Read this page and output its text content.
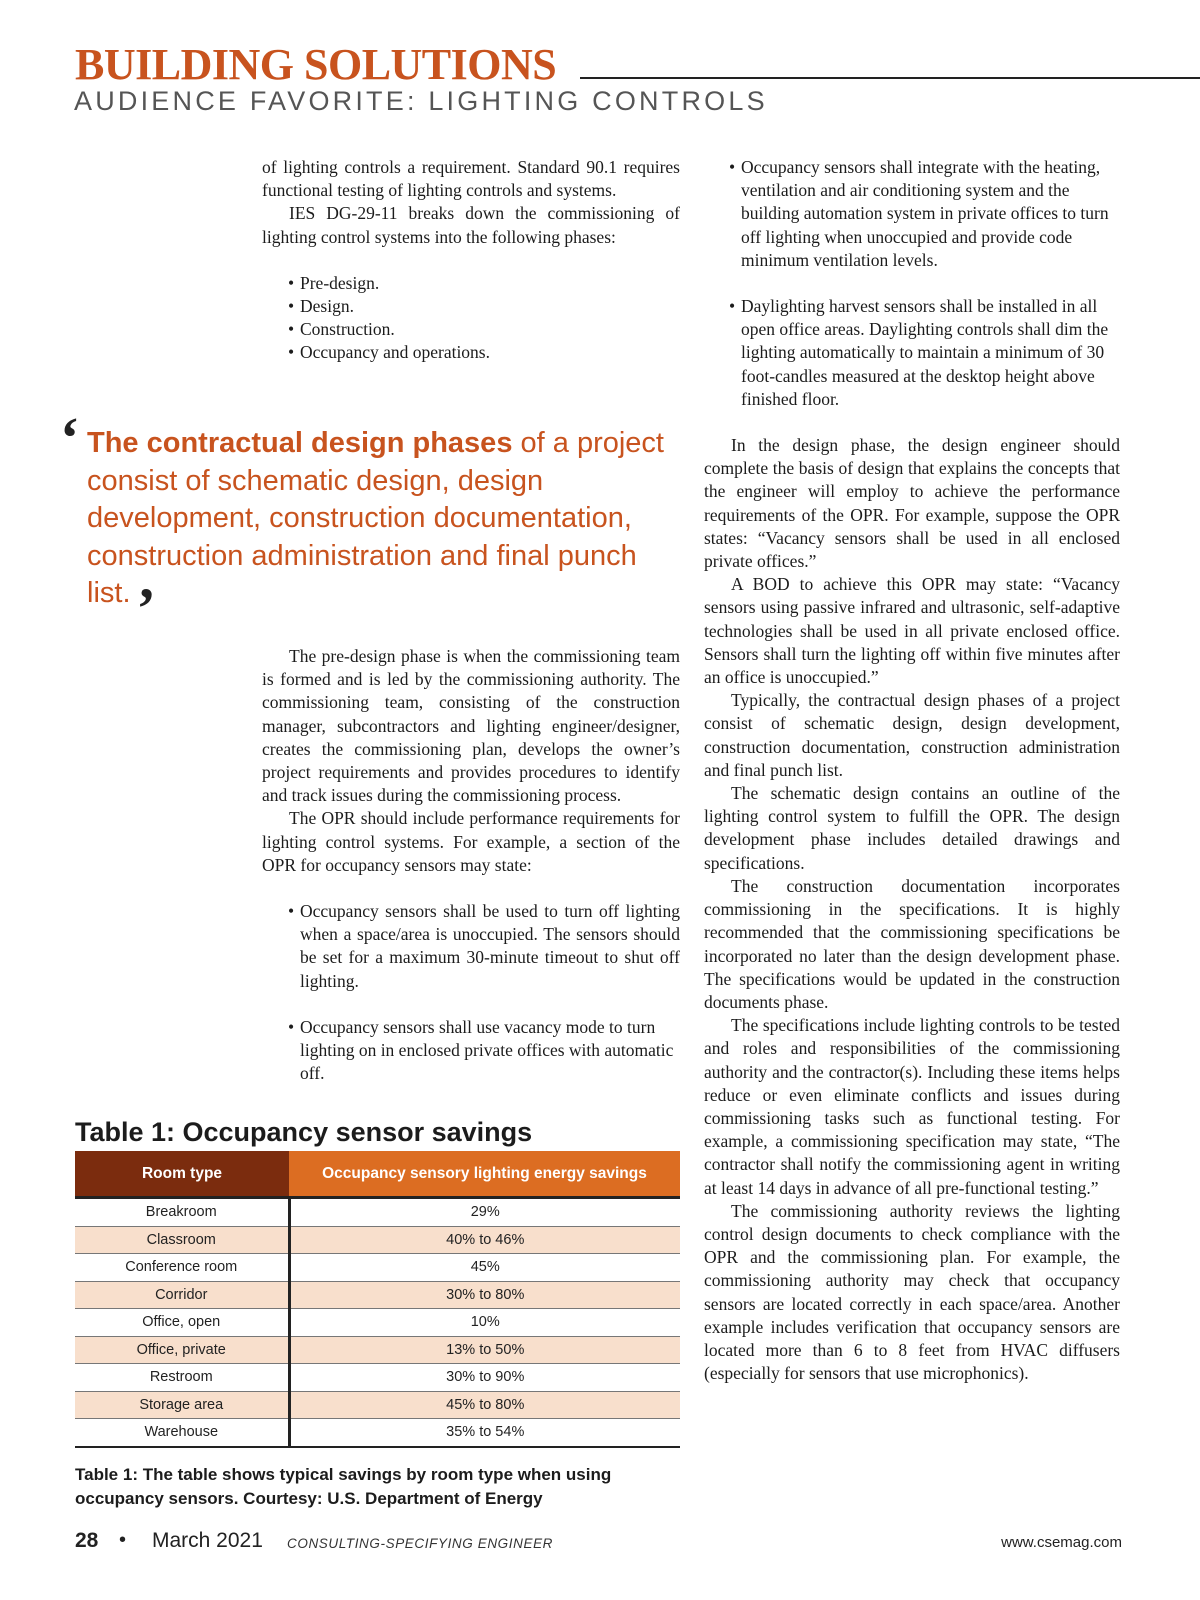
BUILDING SOLUTIONS
AUDIENCE FAVORITE: LIGHTING CONTROLS

of lighting controls a requirement. Standard 90.1 requires functional testing of lighting controls and systems.

IES DG-29-11 breaks down the commissioning of lighting control systems into the following phases:

• Pre-design.
• Design.
• Construction.
• Occupancy and operations.
‘ The contractual design phases of a project consist of schematic design, design development, construction documentation, construction administration and final punch list. ’

The pre-design phase is when the commissioning team is formed and is led by the commissioning authority. The commissioning team, consisting of the construction manager, subcontractors and lighting engineer/designer, creates the commissioning plan, develops the owner’s project requirements and provides procedures to identify and track issues during the commissioning process.

The OPR should include performance requirements for lighting control systems. For example, a section of the OPR for occupancy sensors may state:

• Occupancy sensors shall be used to turn off lighting when a space/area is unoccupied. The sensors should be set for a maximum 30-minute timeout to shut off lighting.
• Occupancy sensors shall use vacancy mode to turn lighting on in enclosed private offices with automatic off.
Table 1: Occupancy sensor savings
Room type	Occupancy sensory lighting energy savings
Breakroom	29%
Classroom	40% to 46%
Conference room	45%
Corridor	30% to 80%
Office, open	10%
Office, private	13% to 50%
Restroom	30% to 90%
Storage area	45% to 80%
Warehouse	35% to 54%
Table 1: The table shows typical savings by room type when using occupancy sensors. Courtesy: U.S. Department of Energy
• Occupancy sensors shall integrate with the heating, ventilation and air conditioning system and the building automation system in private offices to turn off lighting when unoccupied and provide code minimum ventilation levels.
• Daylighting harvest sensors shall be installed in all open office areas. Daylighting controls shall dim the lighting automatically to maintain a minimum of 30 foot-candles measured at the desktop height above finished floor.

In the design phase, the design engineer should complete the basis of design that explains the concepts that the engineer will employ to achieve the performance requirements of the OPR. For example, suppose the OPR states: “Vacancy sensors shall be used in all enclosed private offices.”

A BOD to achieve this OPR may state: “Vacancy sensors using passive infrared and ultrasonic, self-adaptive technologies shall be used in all private enclosed office. Sensors shall turn the lighting off within five minutes after an office is unoccupied.”

Typically, the contractual design phases of a project consist of schematic design, design development, construction documentation, construction administration and final punch list.

The schematic design contains an outline of the lighting control system to fulfill the OPR. The design development phase includes detailed drawings and specifications.

The construction documentation incorporates commissioning in the specifications. It is highly recommended that the commissioning specifications be incorporated no later than the design development phase. The specifications would be updated in the construction documents phase.

The specifications include lighting controls to be tested and roles and responsibilities of the commissioning authority and the contractor(s). Including these items helps reduce or even eliminate conflicts and issues during commissioning tasks such as functional testing. For example, a commissioning specification may state, “The contractor shall notify the commissioning agent in writing at least 14 days in advance of all pre-functional testing.”

The commissioning authority reviews the lighting control design documents to check compliance with the OPR and the commissioning plan. For example, the commissioning authority may check that occupancy sensors are located correctly in each space/area. Another example includes verification that occupancy sensors are located more than 6 to 8 feet from HVAC diffusers (especially for sensors that use microphonics).

28 • March 2021 CONSULTING-SPECIFYING ENGINEER	www.csemag.com
